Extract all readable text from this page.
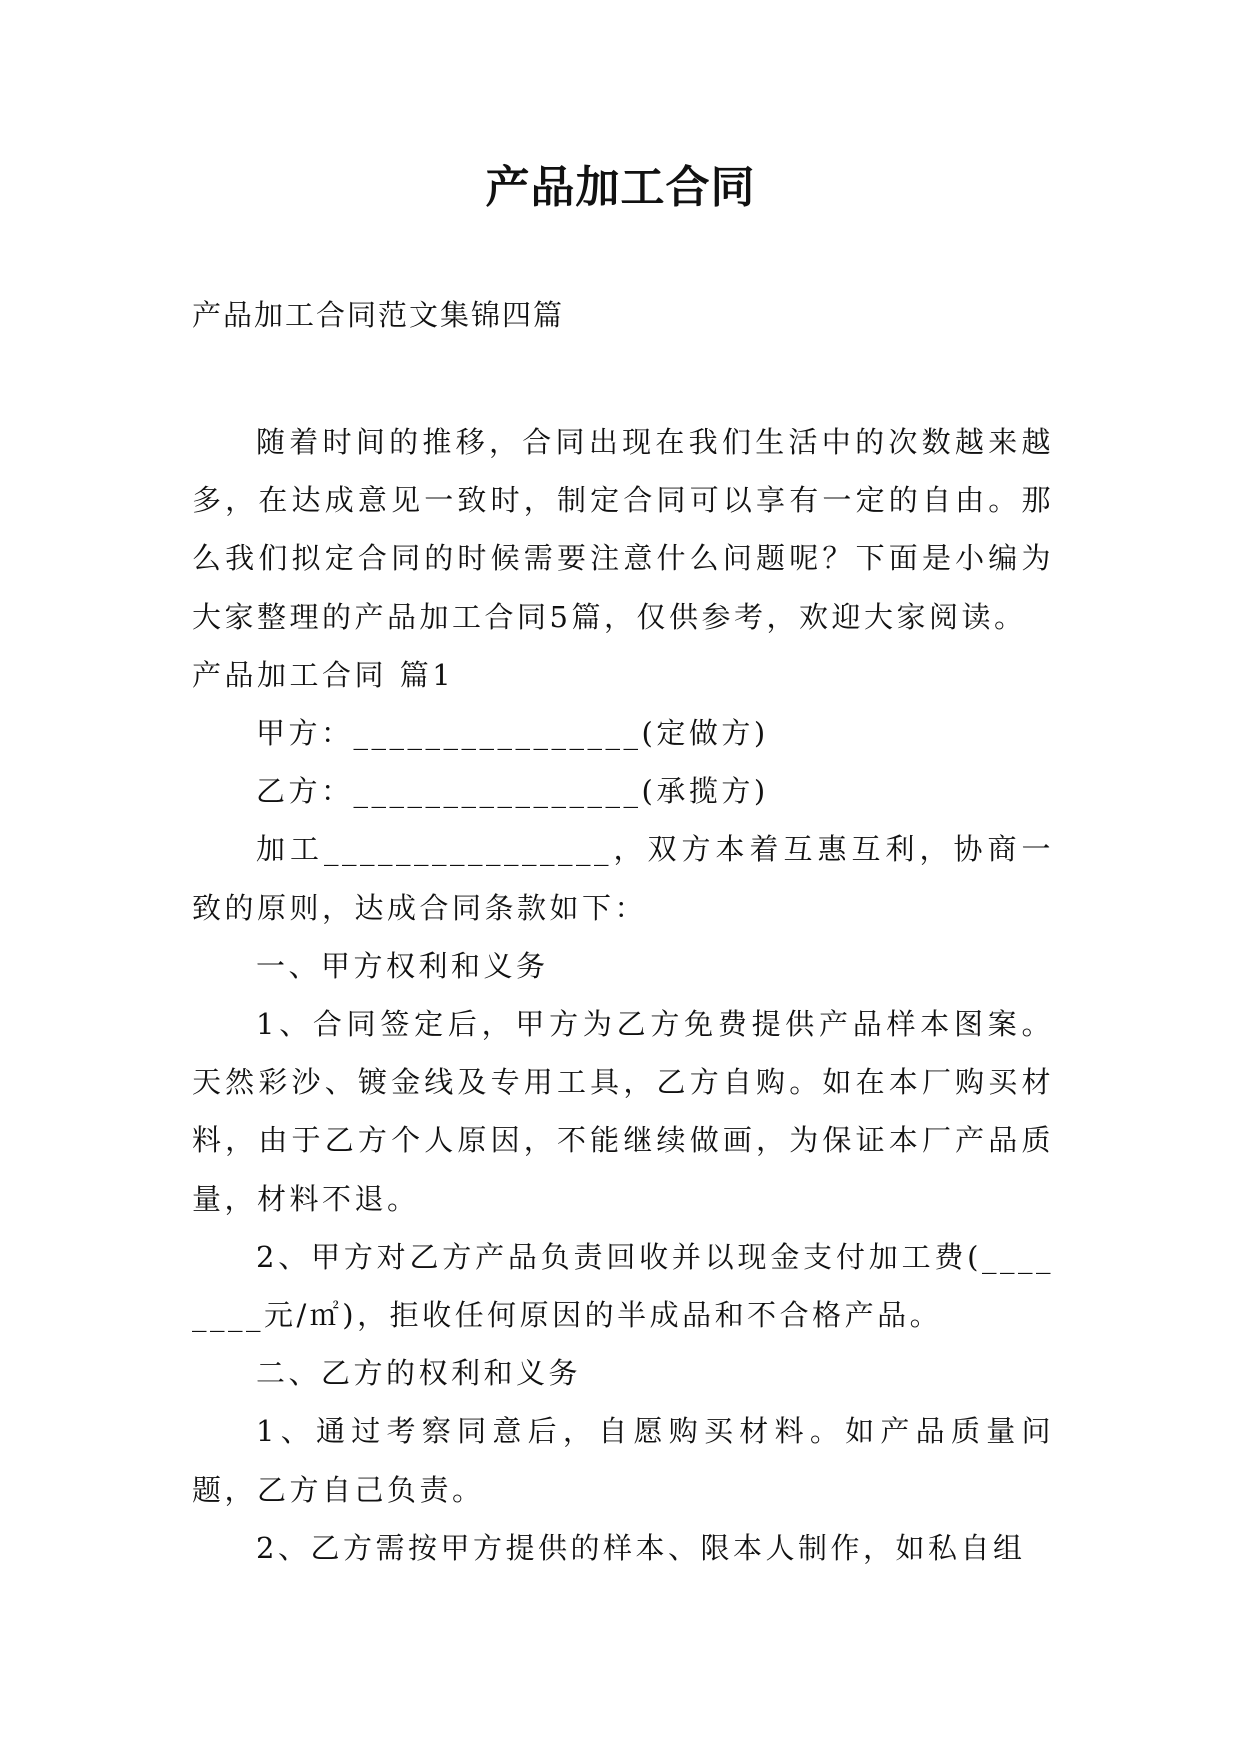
产品加工合同

产品加工合同范文集锦四篇

随着时间的推移，合同出现在我们生活中的次数越来越多，在达成意见一致时，制定合同可以享有一定的自由。那么我们拟定合同的时候需要注意什么问题呢？下面是小编为大家整理的产品加工合同5篇，仅供参考，欢迎大家阅读。

产品加工合同 篇1

甲方：________________(定做方)

乙方：________________(承揽方)

加工________________，双方本着互惠互利，协商一致的原则，达成合同条款如下：

一、甲方权利和义务

1、合同签定后，甲方为乙方免费提供产品样本图案。天然彩沙、镀金线及专用工具，乙方自购。如在本厂购买材料，由于乙方个人原因，不能继续做画，为保证本厂产品质量，材料不退。

2、甲方对乙方产品负责回收并以现金支付加工费(________元/㎡)，拒收任何原因的半成品和不合格产品。

二、乙方的权利和义务

1、通过考察同意后，自愿购买材料。如产品质量问题，乙方自己负责。

2、乙方需按甲方提供的样本、限本人制作，如私自组
